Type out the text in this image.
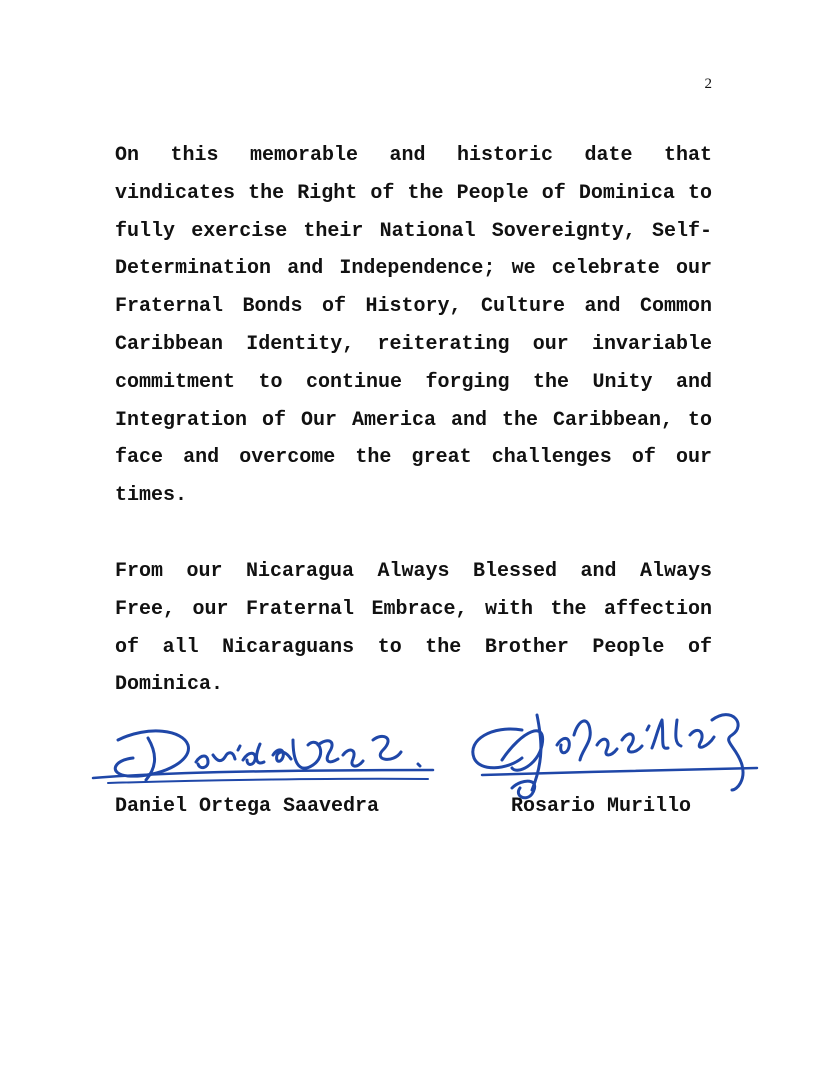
2

On this memorable and historic date that vindicates the Right of the People of Dominica to fully exercise their National Sovereignty, Self-Determination and Independence; we celebrate our Fraternal Bonds of History, Culture and Common Caribbean Identity, reiterating our invariable commitment to continue forging the Unity and Integration of Our America and the Caribbean, to face and overcome the great challenges of our times.

From our Nicaragua Always Blessed and Always Free, our Fraternal Embrace, with the affection of all Nicaraguans to the Brother People of Dominica.

Daniel Ortega Saavedra	Rosario Murillo
